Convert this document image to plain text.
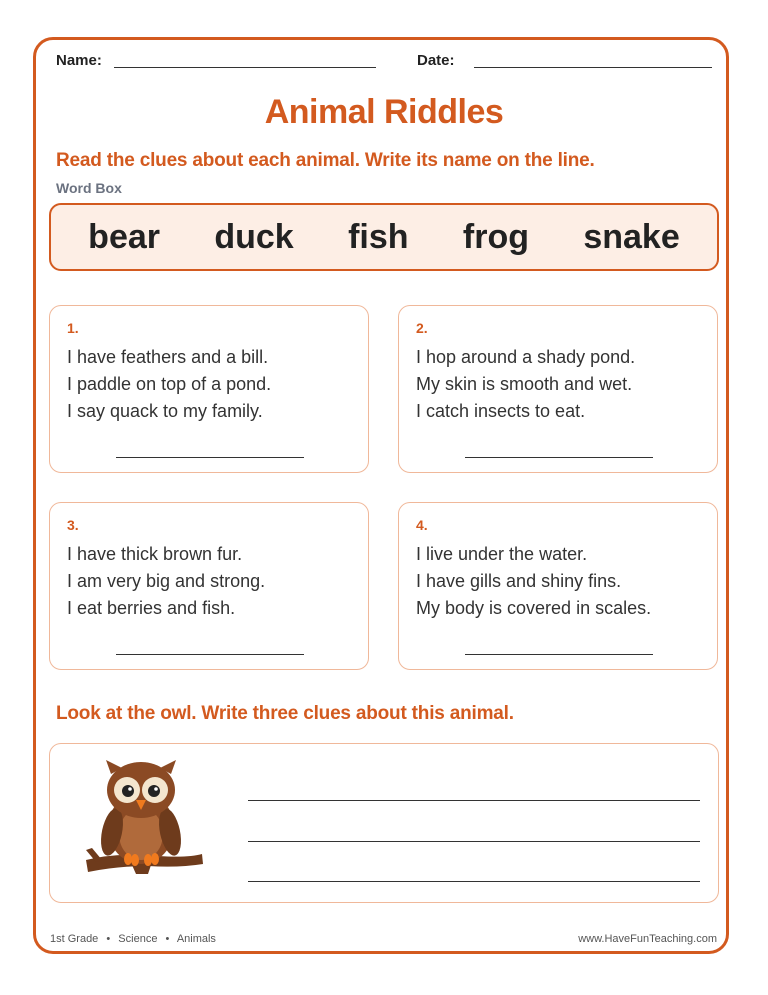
Name:	Date:
Animal Riddles
Read the clues about each animal. Write its name on the line.
Word Box
bear duck fish frog snake
1.
I have feathers and a bill.
I paddle on top of a pond.
I say quack to my family.
2.
I hop around a shady pond.
My skin is smooth and wet.
I catch insects to eat.
3.
I have thick brown fur.
I am very big and strong.
I eat berries and fish.
4.
I live under the water.
I have gills and shiny fins.
My body is covered in scales.
Look at the owl. Write three clues about this animal.
1st Grade • Science • Animals	www.HaveFunTeaching.com
